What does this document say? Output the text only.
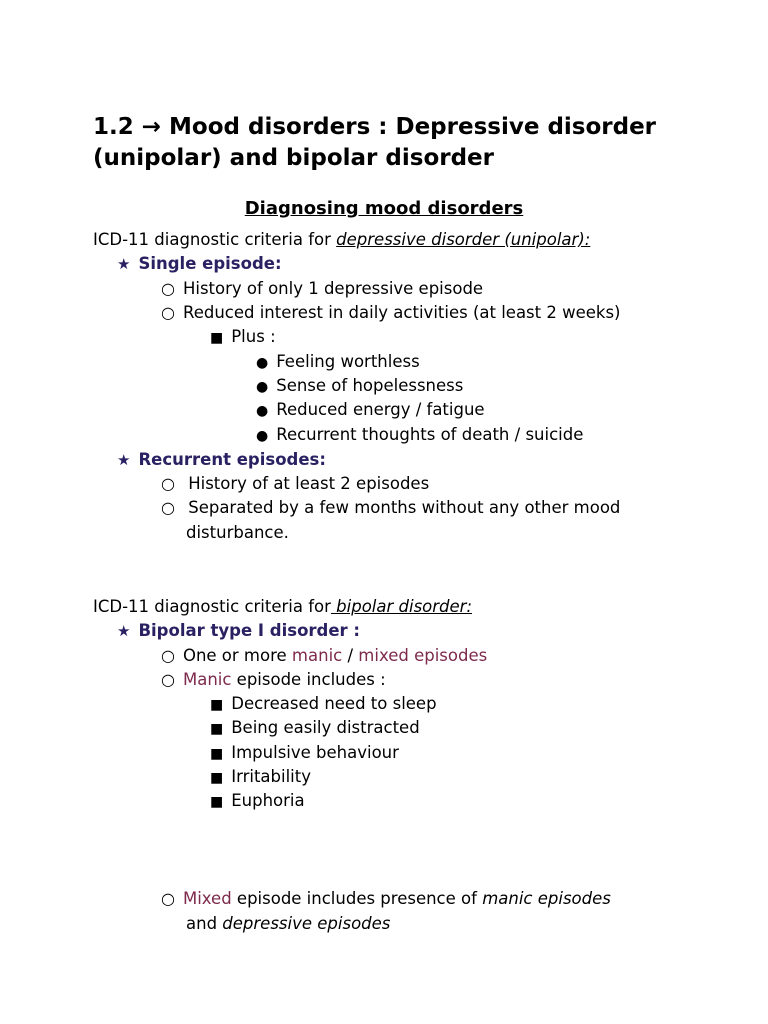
1.2 → Mood disorders : Depressive disorder (unipolar) and bipolar disorder
Diagnosing mood disorders
ICD-11 diagnostic criteria for depressive disorder (unipolar):
★ Single episode:
○ History of only 1 depressive episode
○ Reduced interest in daily activities (at least 2 weeks)
■ Plus :
● Feeling worthless
● Sense of hopelessness
● Reduced energy / fatigue
● Recurrent thoughts of death / suicide
★ Recurrent episodes:
○ History of at least 2 episodes
○ Separated by a few months without any other mood
disturbance.
ICD-11 diagnostic criteria for bipolar disorder:
★ Bipolar type I disorder :
○ One or more manic / mixed episodes
○ Manic episode includes :
■ Decreased need to sleep
■ Being easily distracted
■ Impulsive behaviour
■ Irritability
■ Euphoria
○ Mixed episode includes presence of manic episodes
and depressive episodes
